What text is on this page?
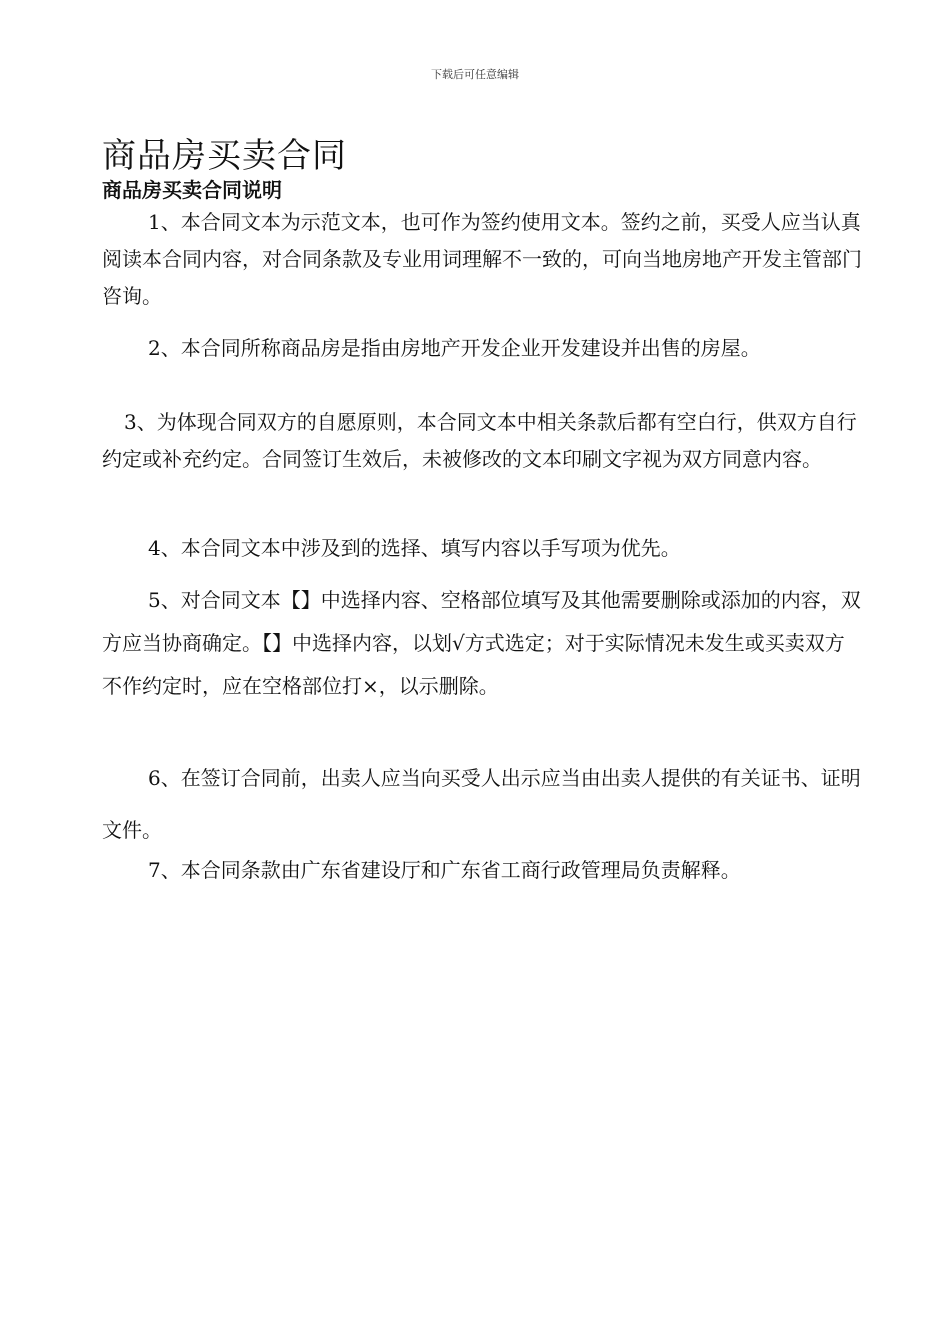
下载后可任意编辑
商品房买卖合同
商品房买卖合同说明

1、本合同文本为示范文本，也可作为签约使用文本。签约之前，买受人应当认真阅读本合同内容，对合同条款及专业用词理解不一致的，可向当地房地产开发主管部门咨询。

2、本合同所称商品房是指由房地产开发企业开发建设并出售的房屋。

3、为体现合同双方的自愿原则，本合同文本中相关条款后都有空白行，供双方自行约定或补充约定。合同签订生效后，未被修改的文本印刷文字视为双方同意内容。

4、本合同文本中涉及到的选择、填写内容以手写项为优先。

5、对合同文本【】中选择内容、空格部位填写及其他需要删除或添加的内容，双方应当协商确定。【】中选择内容，以划√方式选定；对于实际情况未发生或买卖双方不作约定时，应在空格部位打×，以示删除。

6、在签订合同前，出卖人应当向买受人出示应当由出卖人提供的有关证书、证明文件。

7、本合同条款由广东省建设厅和广东省工商行政管理局负责解释。
